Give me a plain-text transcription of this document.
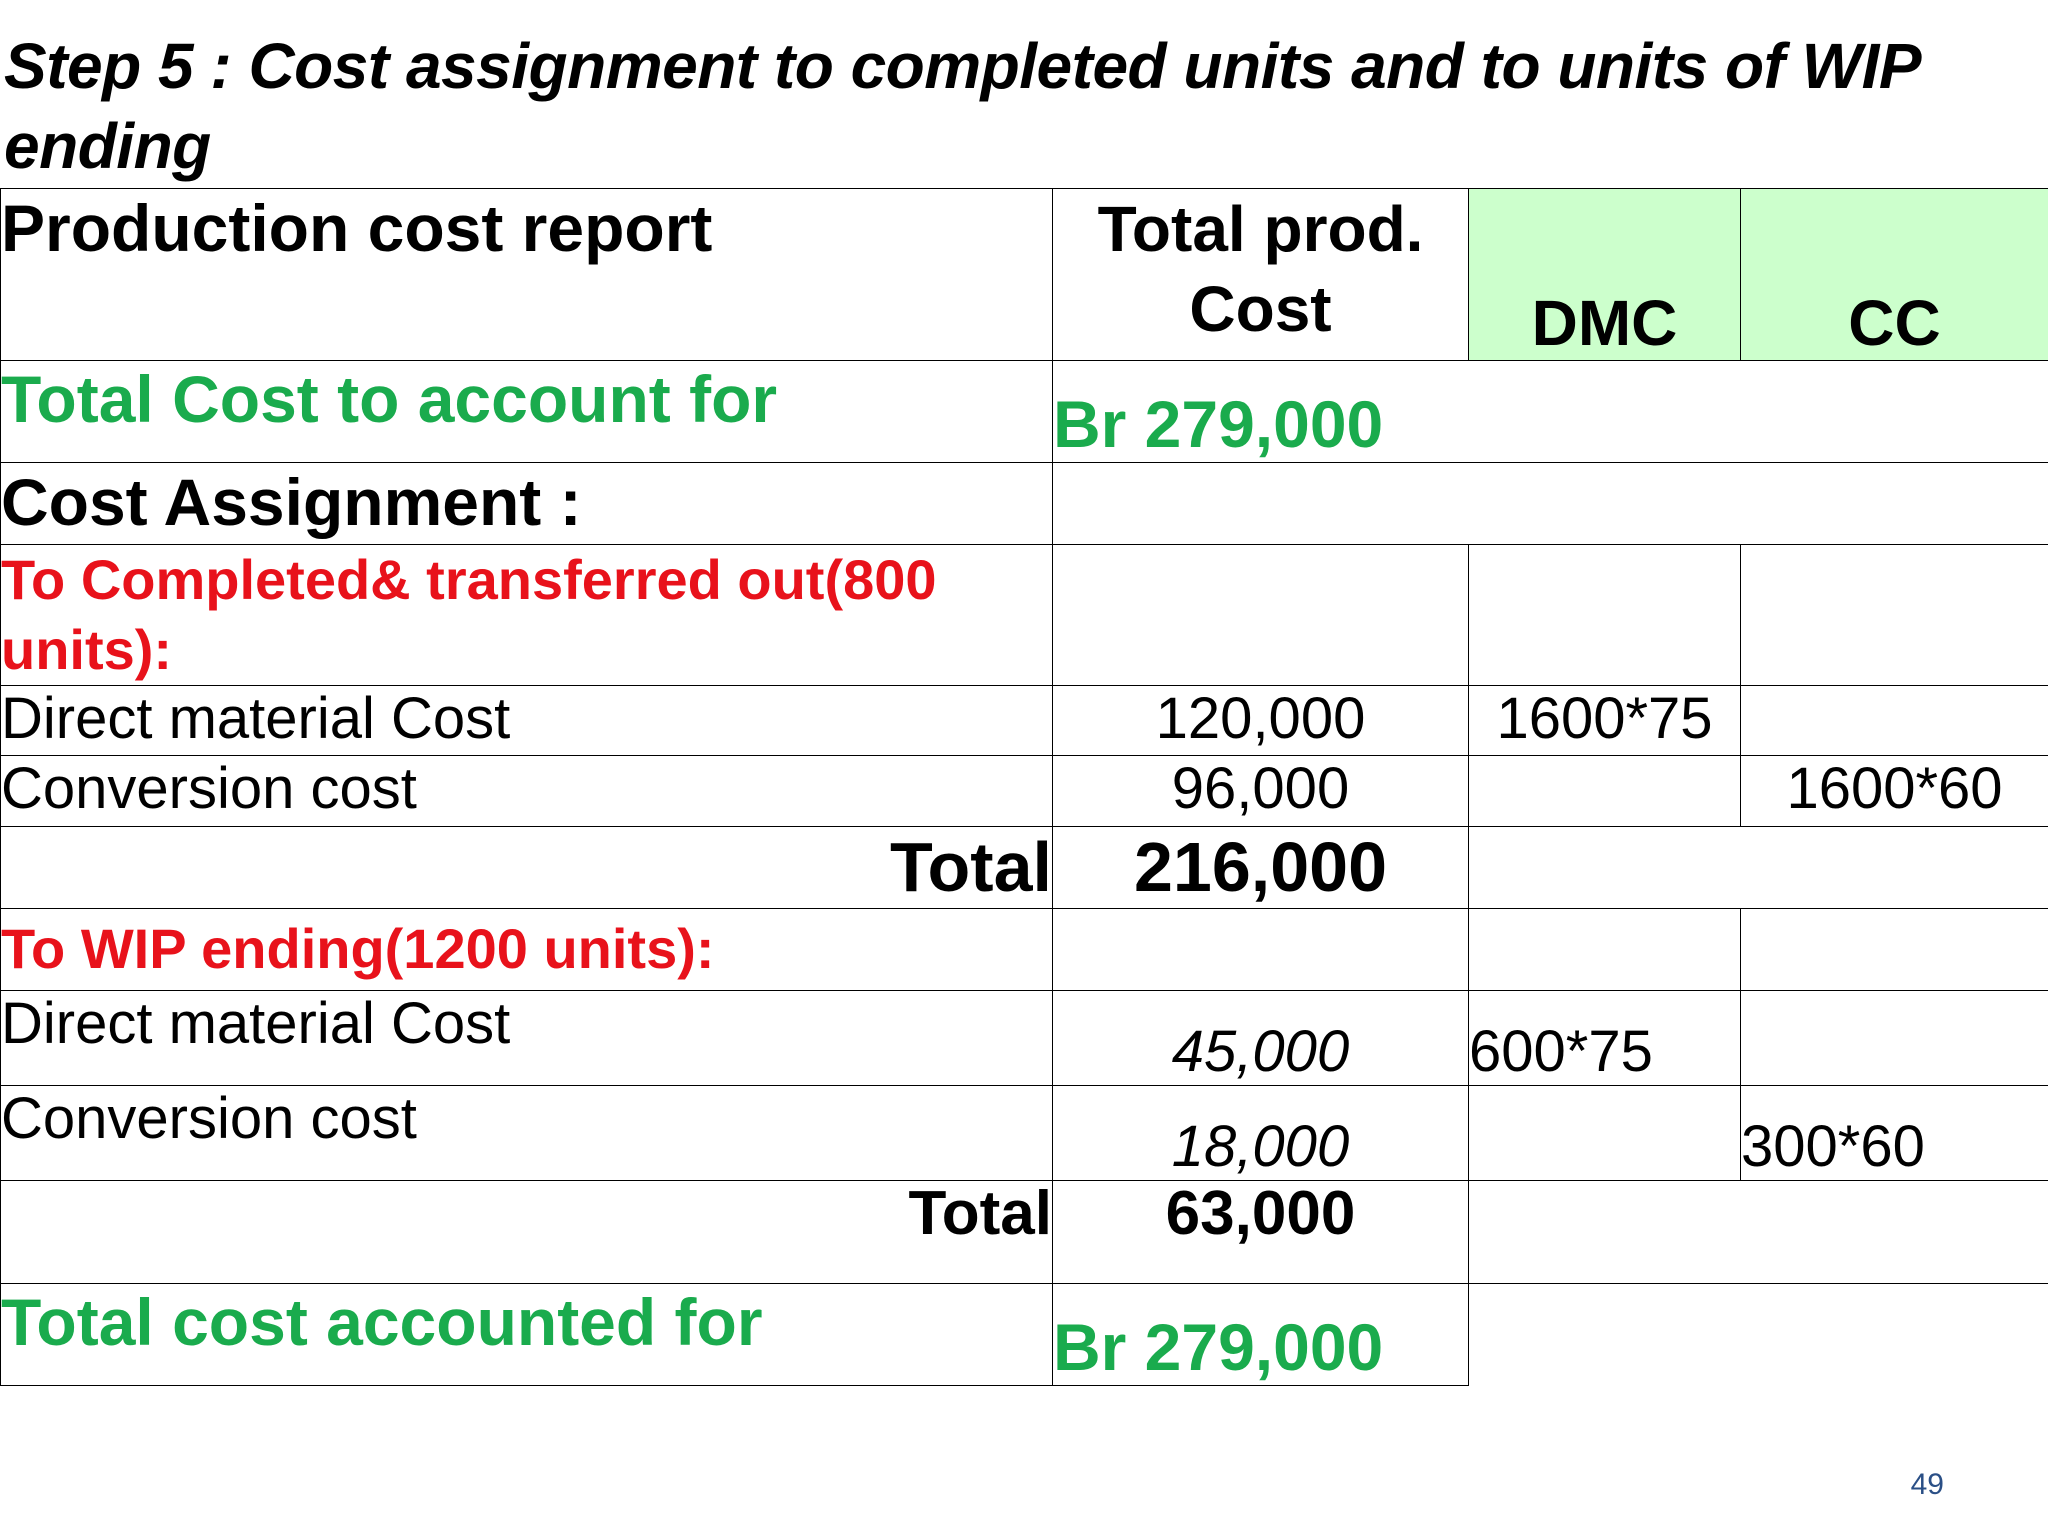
Step 5 : Cost assignment to completed units and to units of WIP ending
Production cost report	Total prod. Cost	DMC	CC
Total Cost to account for	Br 279,000		
Cost Assignment :			
To Completed& transferred out(800 units):			
Direct material Cost	120,000	1600*75	
Conversion cost	96,000		1600*60
Total	216,000		
To WIP ending(1200 units):			
Direct material Cost	45,000	600*75	
Conversion cost	18,000		300*60
Total	63,000		
Total cost accounted for	Br 279,000		
49
